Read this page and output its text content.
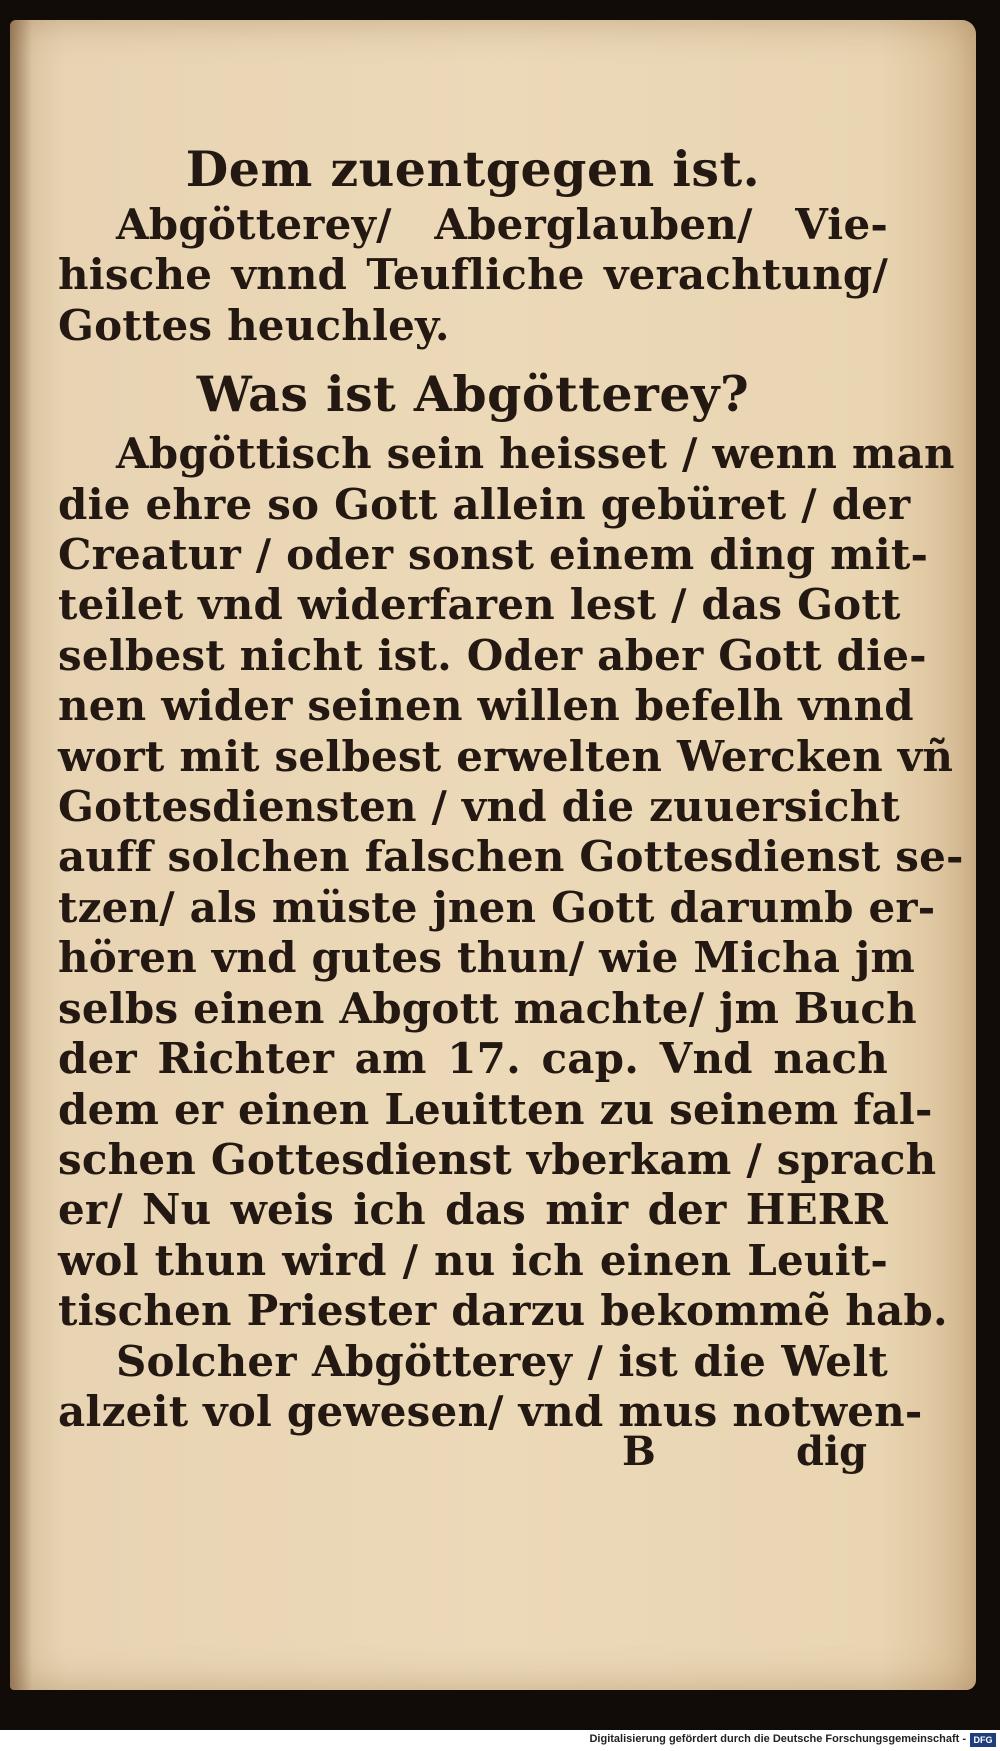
Dem zuentgegen ist.

Abgötterey/ Aberglauben/ Vie-

hische vnnd Teufliche verachtung/

Gottes heuchley.

Was ist Abgötterey?

Abgöttisch sein heisset / wenn man

die ehre so Gott allein gebüret / der

Creatur / oder sonst einem ding mit-

teilet vnd widerfaren lest / das Gott

selbest nicht ist. Oder aber Gott die-

nen wider seinen willen befelh vnnd

wort mit selbest erwelten Wercken vñ

Gottesdiensten / vnd die zuuersicht

auff solchen falschen Gottesdienst se-

tzen/ als müste jnen Gott darumb er-

hören vnd gutes thun/ wie Micha jm

selbs einen Abgott machte/ jm Buch

der Richter am 17. cap. Vnd nach

dem er einen Leuitten zu seinem fal-

schen Gottesdienst vberkam / sprach

er/ Nu weis ich das mir der HERR

wol thun wird / nu ich einen Leuit-

tischen Priester darzu bekommẽ hab.

Solcher Abgötterey / ist die Welt

alzeit vol gewesen/ vnd mus notwen-

B	dig
Digitalisierung gefördert durch die Deutsche Forschungsgemeinschaft - DFG
